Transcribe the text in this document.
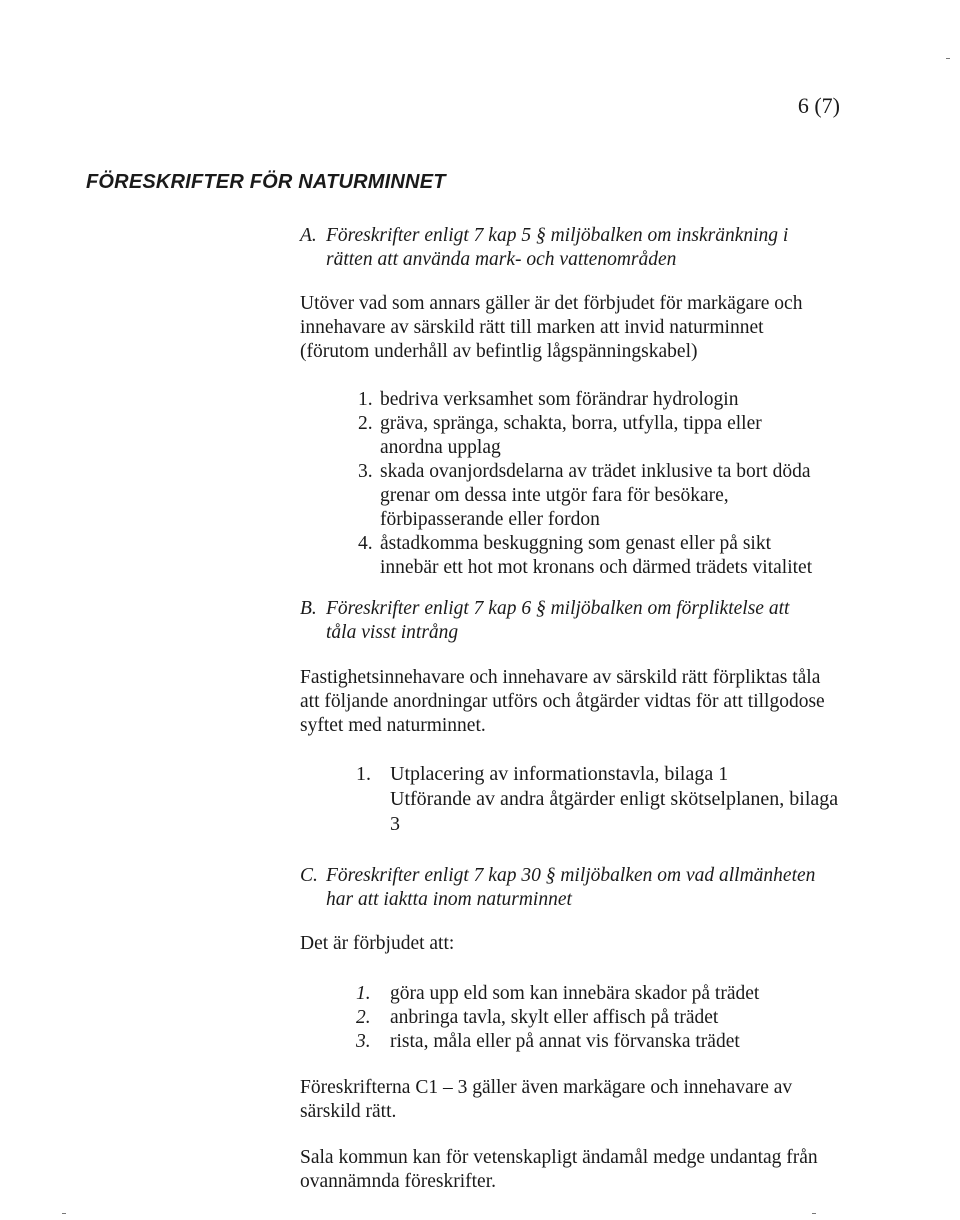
6 (7)
FÖRESKRIFTER FÖR NATURMINNET
A. Föreskrifter enligt 7 kap 5 § miljöbalken om inskränkning i
rätten att använda mark- och vattenområden
Utöver vad som annars gäller är det förbjudet för markägare och
innehavare av särskild rätt till marken att invid naturminnet
(förutom underhåll av befintlig lågspänningskabel)
1. bedriva verksamhet som förändrar hydrologin
2. gräva, spränga, schakta, borra, utfylla, tippa eller
anordna upplag
3. skada ovanjordsdelarna av trädet inklusive ta bort döda
grenar om dessa inte utgör fara för besökare,
förbipasserande eller fordon
4. åstadkomma beskuggning som genast eller på sikt
innebär ett hot mot kronans och därmed trädets vitalitet
B. Föreskrifter enligt 7 kap 6 § miljöbalken om förpliktelse att
tåla visst intrång
Fastighetsinnehavare och innehavare av särskild rätt förpliktas tåla
att följande anordningar utförs och åtgärder vidtas för att tillgodose
syftet med naturminnet.
1. Utplacering av informationstavla, bilaga 1
Utförande av andra åtgärder enligt skötselplanen, bilaga
3
C. Föreskrifter enligt 7 kap 30 § miljöbalken om vad allmänheten
har att iaktta inom naturminnet
Det är förbjudet att:
1. göra upp eld som kan innebära skador på trädet
2. anbringa tavla, skylt eller affisch på trädet
3. rista, måla eller på annat vis förvanska trädet
Föreskrifterna C1 – 3 gäller även markägare och innehavare av
särskild rätt.
Sala kommun kan för vetenskapligt ändamål medge undantag från
ovannämnda föreskrifter.
